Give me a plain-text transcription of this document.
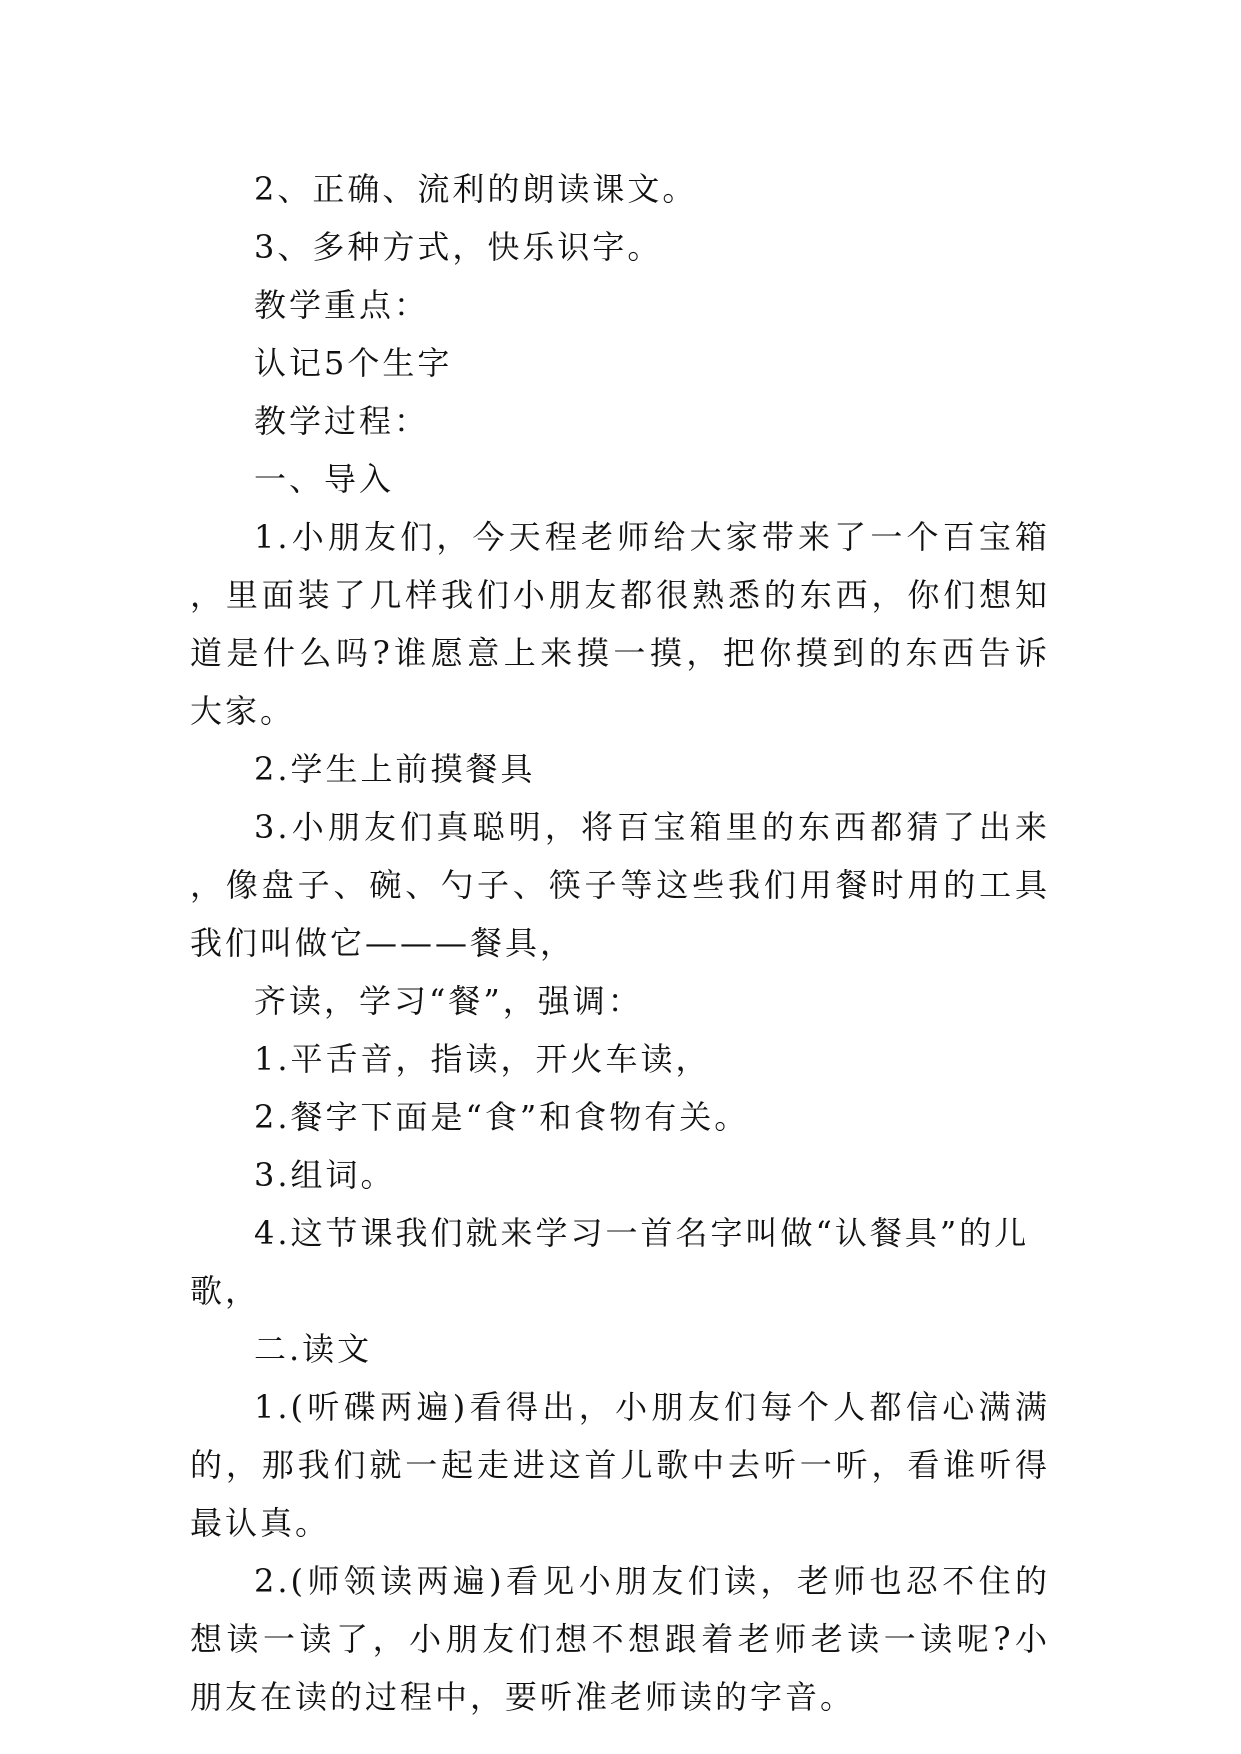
2、正确、流利的朗读课文。

3、多种方式，快乐识字。

教学重点：

认记5个生字

教学过程：

一、导入

1.小朋友们，今天程老师给大家带来了一个百宝箱，里面装了几样我们小朋友都很熟悉的东西，你们想知道是什么吗?谁愿意上来摸一摸，把你摸到的东西告诉大家。

2.学生上前摸餐具

3.小朋友们真聪明，将百宝箱里的东西都猜了出来，像盘子、碗、勺子、筷子等这些我们用餐时用的工具我们叫做它———餐具，

齐读，学习“餐”，强调：

1.平舌音，指读，开火车读，

2.餐字下面是“食”和食物有关。

3.组词。

4.这节课我们就来学习一首名字叫做“认餐具”的儿歌，

二.读文

1.(听碟两遍)看得出，小朋友们每个人都信心满满的，那我们就一起走进这首儿歌中去听一听，看谁听得最认真。

2.(师领读两遍)看见小朋友们读，老师也忍不住的想读一读了，小朋友们想不想跟着老师老读一读呢?小朋友在读的过程中，要听准老师读的字音。
